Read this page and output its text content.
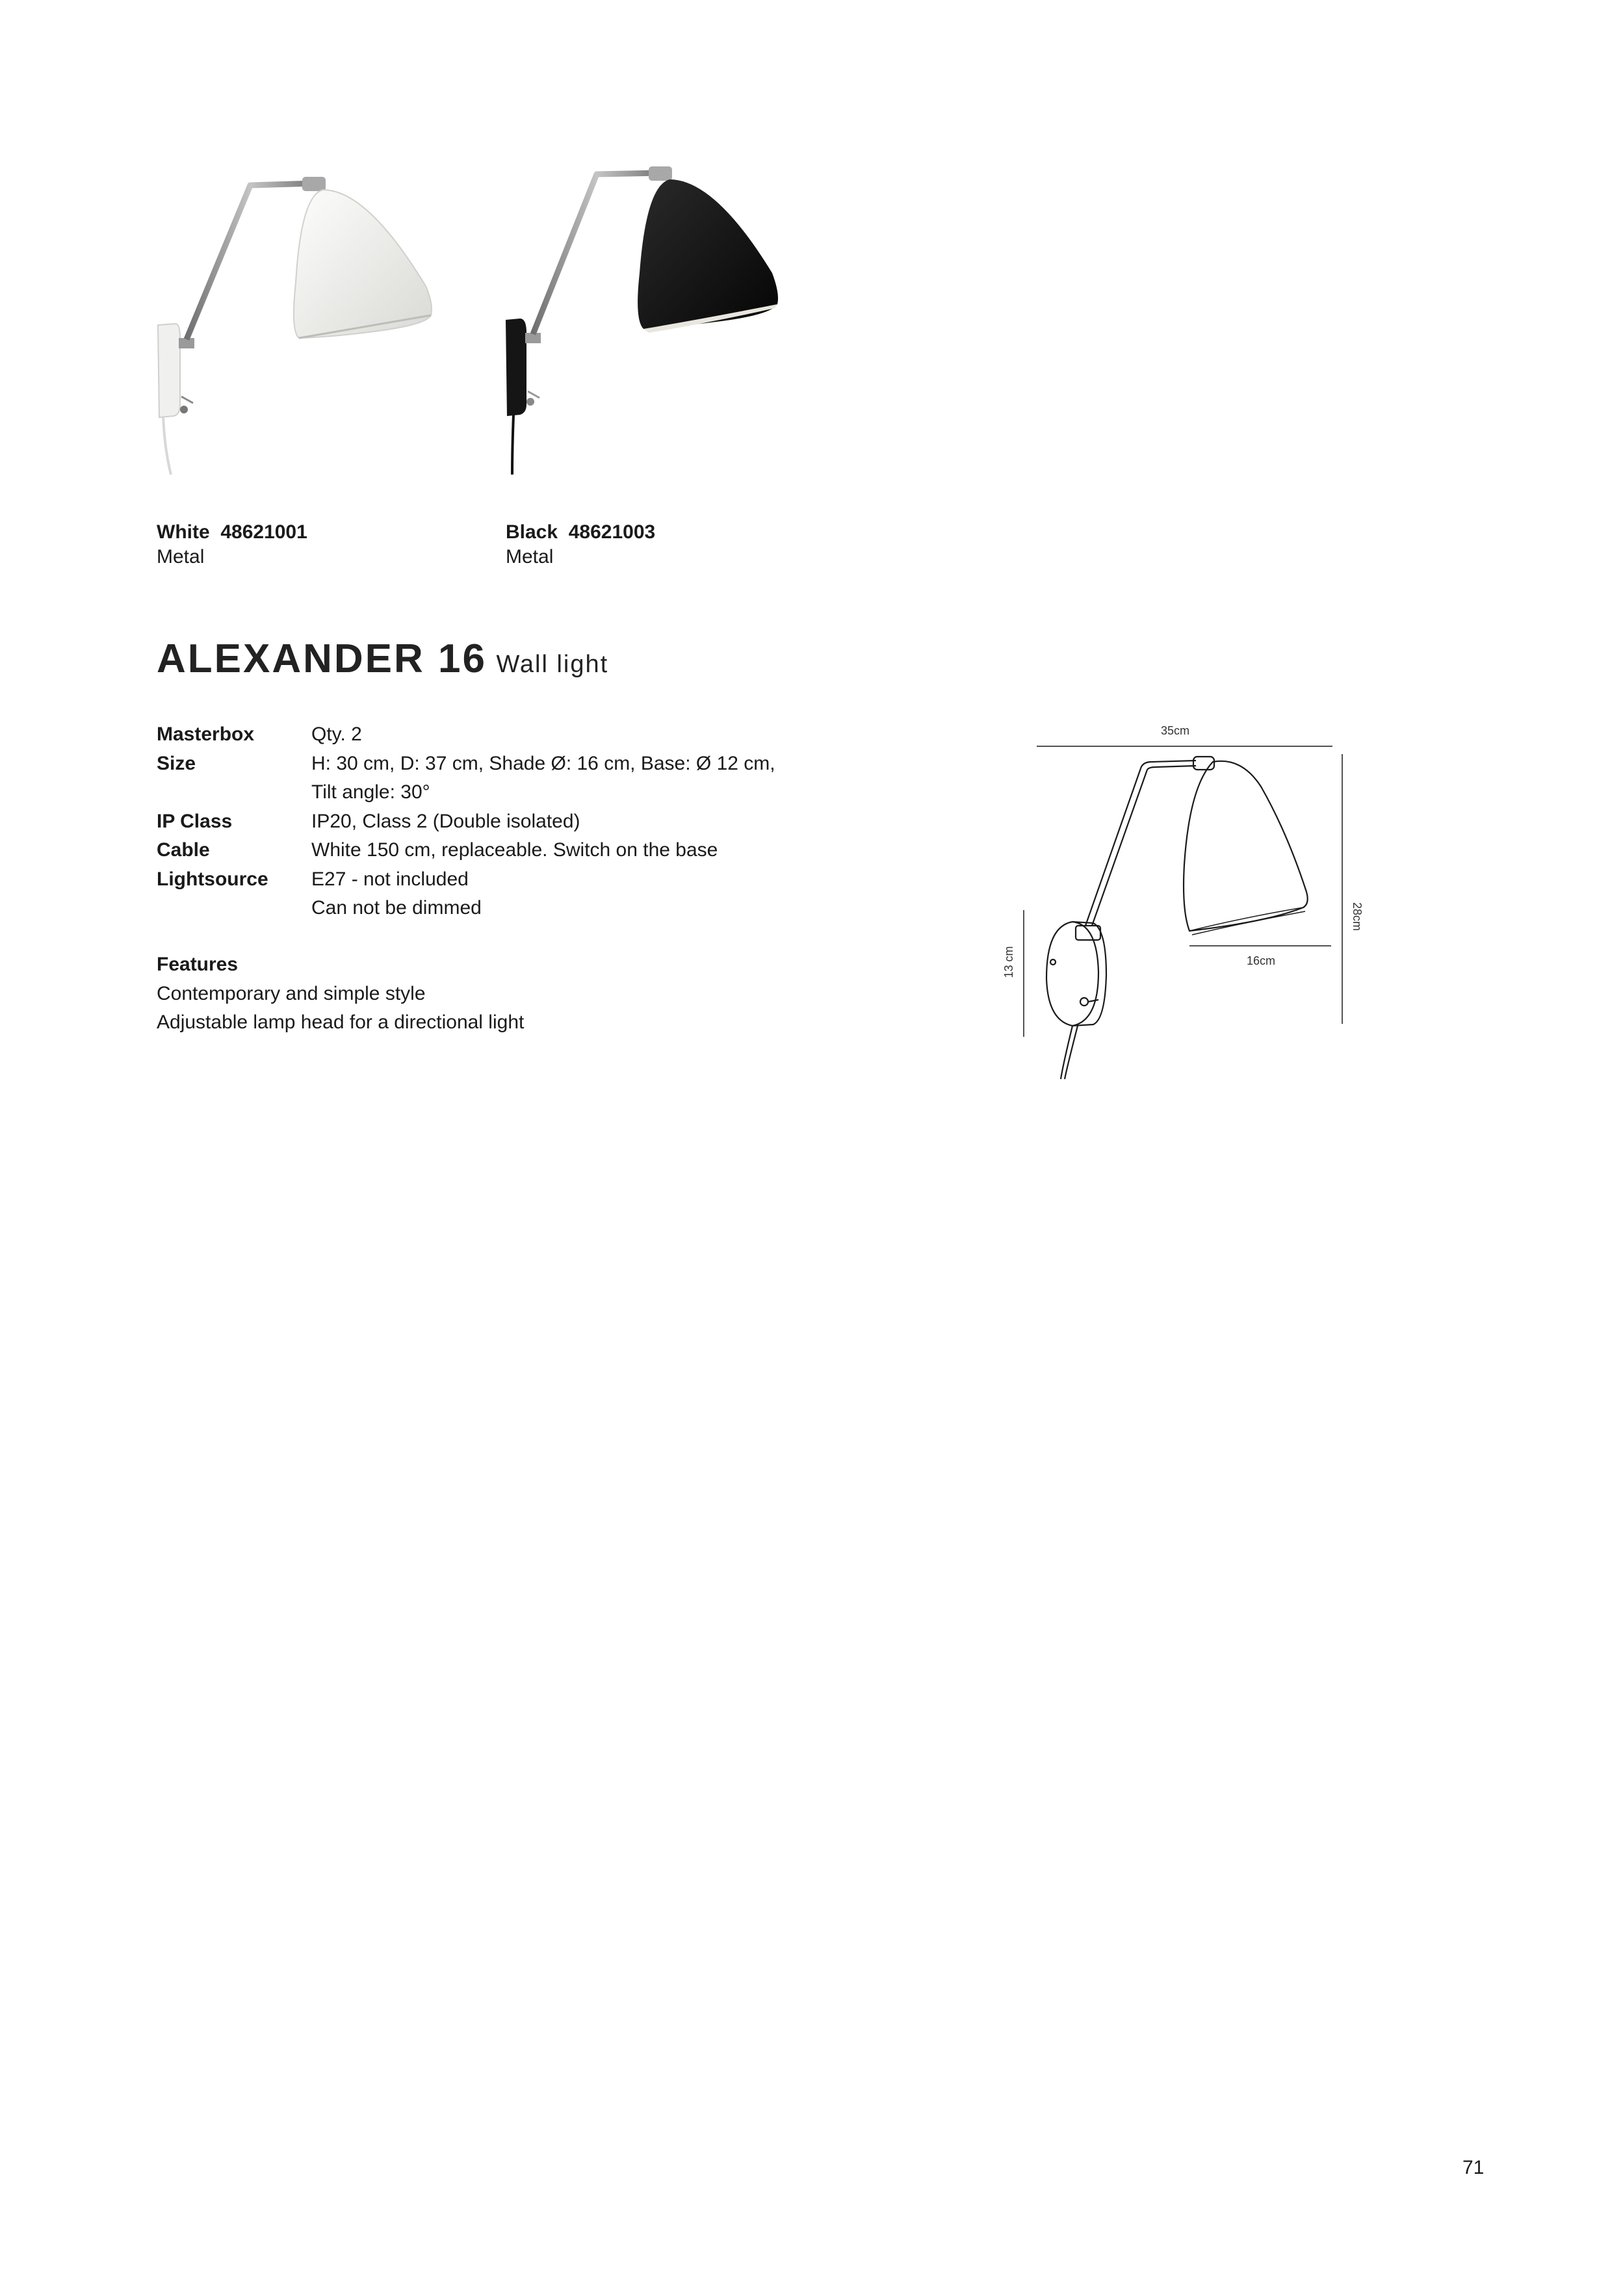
White 48621001
Metal
Black 48621003
Metal
ALEXANDER 16 Wall light
Masterbox	Qty. 2
Size	H: 30 cm, D: 37 cm, Shade Ø: 16 cm, Base: Ø 12 cm,
Tilt angle: 30°
IP Class	IP20, Class 2 (Double isolated)
Cable	White 150 cm, replaceable. Switch on the base
Lightsource	E27 - not included
Can not be dimmed
Features
Contemporary and simple style
Adjustable lamp head for a directional light
35cm
16cm
28cm
13 cm
71
